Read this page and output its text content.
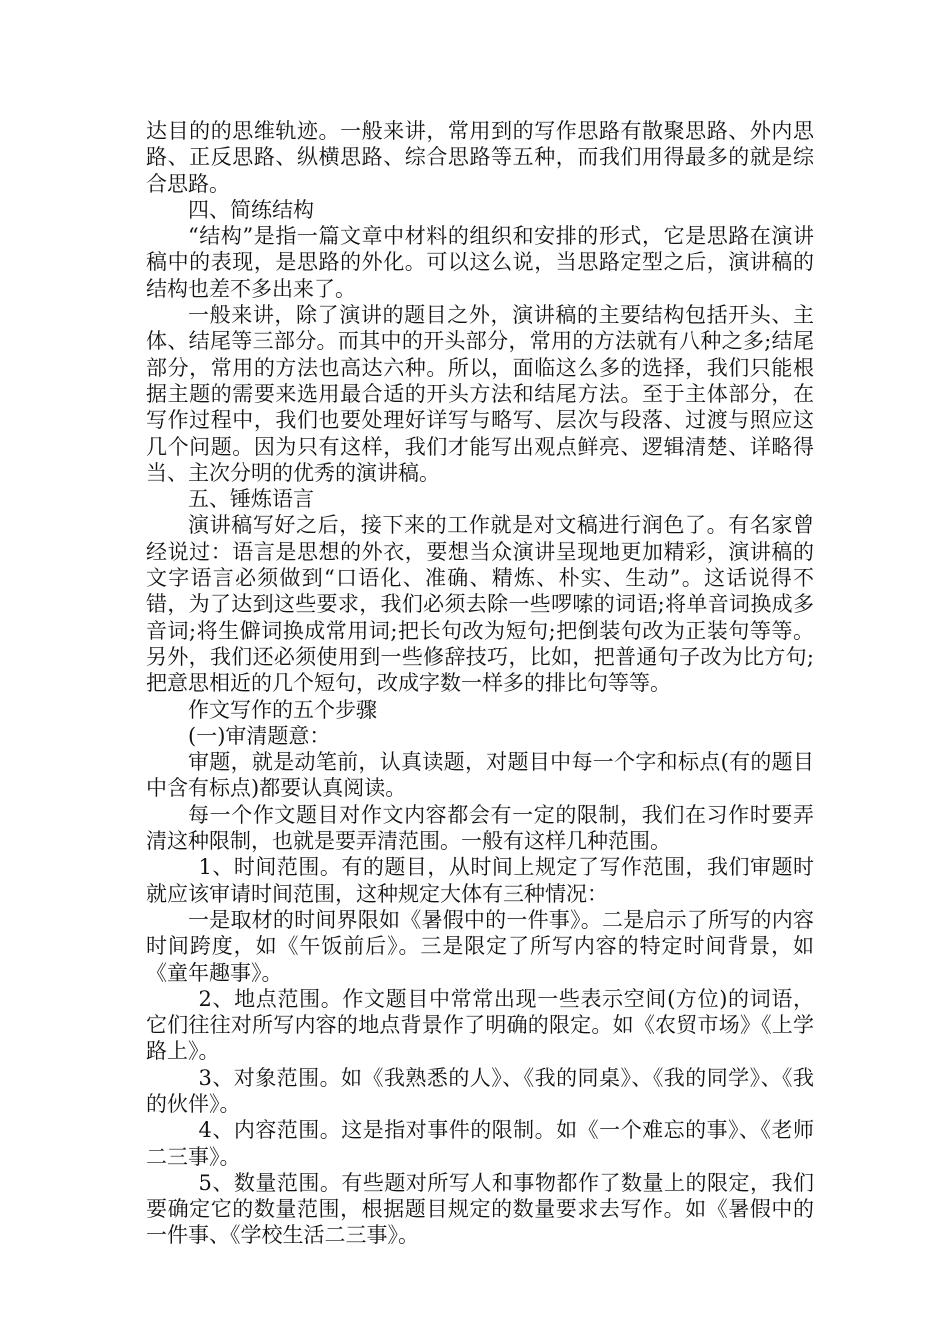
达目的的思维轨迹。一般来讲，常用到的写作思路有散聚思路、外内思路、正反思路、纵横思路、综合思路等五种，而我们用得最多的就是综合思路。

四、简练结构

“结构”是指一篇文章中材料的组织和安排的形式，它是思路在演讲稿中的表现，是思路的外化。可以这么说，当思路定型之后，演讲稿的结构也差不多出来了。

一般来讲，除了演讲的题目之外，演讲稿的主要结构包括开头、主体、结尾等三部分。而其中的开头部分，常用的方法就有八种之多;结尾部分，常用的方法也高达六种。所以，面临这么多的选择，我们只能根据主题的需要来选用最合适的开头方法和结尾方法。至于主体部分，在写作过程中，我们也要处理好详写与略写、层次与段落、过渡与照应这几个问题。因为只有这样，我们才能写出观点鲜亮、逻辑清楚、详略得当、主次分明的优秀的演讲稿。

五、锤炼语言

演讲稿写好之后，接下来的工作就是对文稿进行润色了。有名家曾经说过：语言是思想的外衣，要想当众演讲呈现地更加精彩，演讲稿的文字语言必须做到“口语化、准确、精炼、朴实、生动”。这话说得不错，为了达到这些要求，我们必须去除一些啰嗦的词语;将单音词换成多音词;将生僻词换成常用词;把长句改为短句;把倒装句改为正装句等等。另外，我们还必须使用到一些修辞技巧，比如，把普通句子改为比方句;把意思相近的几个短句，改成字数一样多的排比句等等。

作文写作的五个步骤

(一)审清题意：

审题，就是动笔前，认真读题，对题目中每一个字和标点(有的题目中含有标点)都要认真阅读。

每一个作文题目对作文内容都会有一定的限制，我们在习作时要弄清这种限制，也就是要弄清范围。一般有这样几种范围。

1、时间范围。有的题目，从时间上规定了写作范围，我们审题时就应该审请时间范围，这种规定大体有三种情况：

一是取材的时间界限如《暑假中的一件事》。二是启示了所写的内容时间跨度，如《午饭前后》。三是限定了所写内容的特定时间背景，如《童年趣事》。

2、地点范围。作文题目中常常出现一些表示空间(方位)的词语，它们往往对所写内容的地点背景作了明确的限定。如《农贸市场》《上学路上》。

3、对象范围。如《我熟悉的人》、《我的同桌》、《我的同学》、《我的伙伴》。

4、内容范围。这是指对事件的限制。如《一个难忘的事》、《老师二三事》。

5、数量范围。有些题对所写人和事物都作了数量上的限定，我们要确定它的数量范围，根据题目规定的数量要求去写作。如《暑假中的一件事、《学校生活二三事》。
